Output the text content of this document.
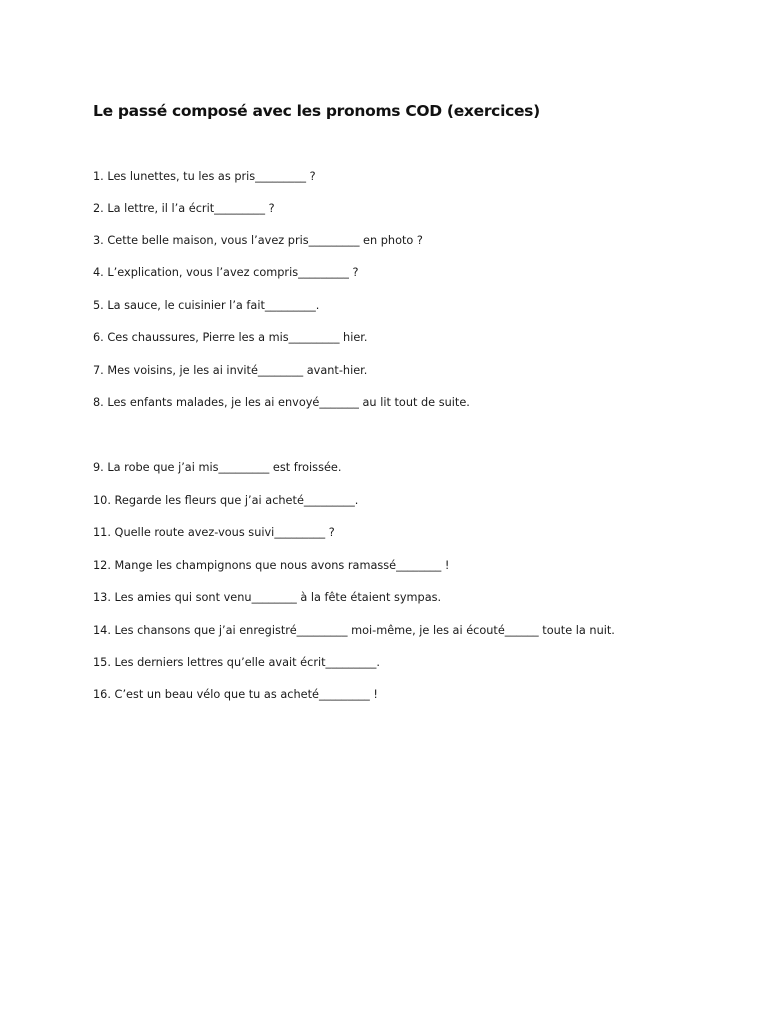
Le passé composé avec les pronoms COD (exercices)

1. Les lunettes, tu les as pris_________ ?

2. La lettre, il l’a écrit_________ ?

3. Cette belle maison, vous l’avez pris_________ en photo ?

4. L’explication, vous l’avez compris_________ ?

5. La sauce, le cuisinier l’a fait_________.

6. Ces chaussures, Pierre les a mis_________ hier.

7. Mes voisins, je les ai invité________ avant-hier.

8. Les enfants malades, je les ai envoyé_______ au lit tout de suite.

9. La robe que j’ai mis_________ est froissée.

10. Regarde les fleurs que j’ai acheté_________.

11. Quelle route avez-vous suivi_________ ?

12. Mange les champignons que nous avons ramassé________ !

13. Les amies qui sont venu________ à la fête étaient sympas.

14. Les chansons que j’ai enregistré_________ moi-même, je les ai écouté______ toute la nuit.

15. Les derniers lettres qu’elle avait écrit_________.

16. C’est un beau vélo que tu as acheté_________ !
